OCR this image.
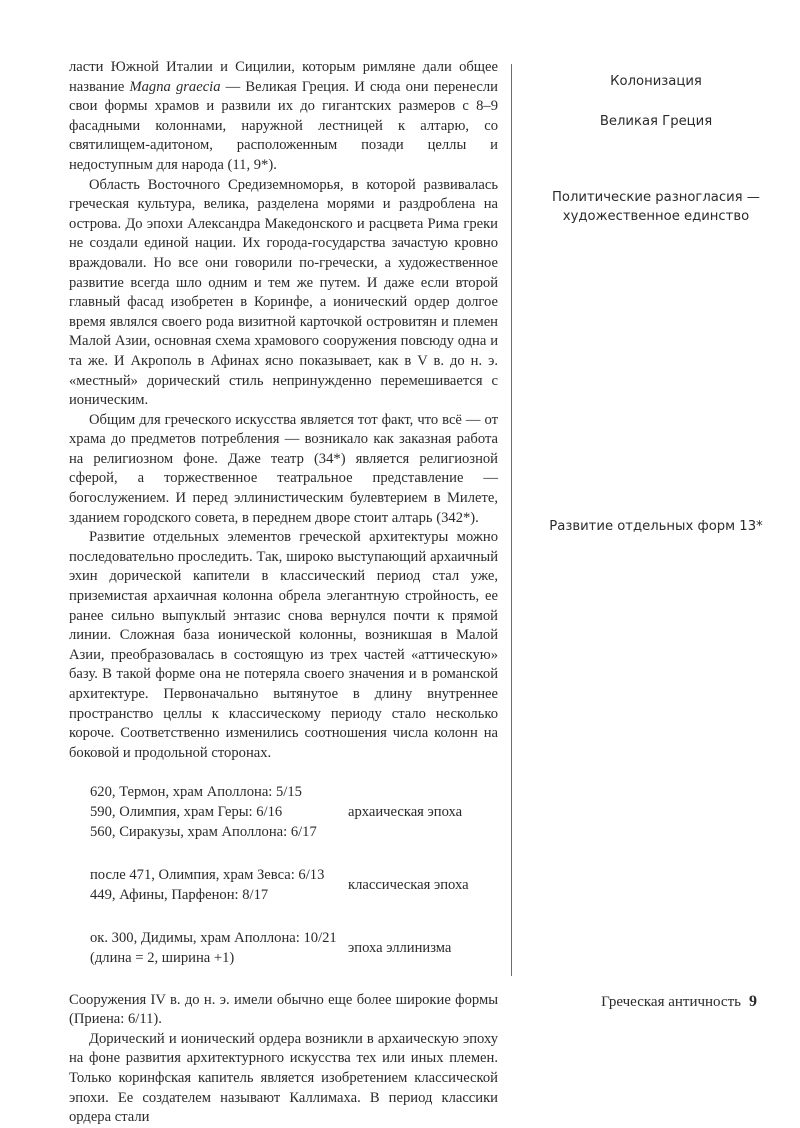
ласти Южной Италии и Сицилии, которым римляне дали общее название Magna graecia — Великая Греция. И сюда они перенесли свои формы храмов и развили их до гигантских размеров с 8–9 фасадными колоннами, наружной лестницей к алтарю, со святилищем-адитоном, расположенным позади целлы и недоступным для народа (11, 9*).

Область Восточного Средиземноморья, в которой развивалась греческая культура, велика, разделена морями и раздроблена на острова. До эпохи Александра Македонского и расцвета Рима греки не создали единой нации. Их города-государства зачастую кровно враждовали. Но все они говорили по-гречески, а художественное развитие всегда шло одним и тем же путем. И даже если второй главный фасад изобретен в Коринфе, а ионический ордер долгое время являлся своего рода визитной карточкой островитян и племен Малой Азии, основная схема храмового сооружения повсюду одна и та же. И Акрополь в Афинах ясно показывает, как в V в. до н. э. «местный» дорический стиль непринужденно перемешивается с ионическим.

Общим для греческого искусства является тот факт, что всё — от храма до предметов потребления — возникало как заказная работа на религиозном фоне. Даже театр (34*) является религиозной сферой, а торжественное театральное представление — богослужением. И перед эллинистическим булевтерием в Милете, зданием городского совета, в переднем дворе стоит алтарь (342*).

Развитие отдельных элементов греческой архитектуры можно последовательно проследить. Так, широко выступающий архаичный эхин дорической капители в классический период стал уже, приземистая архаичная колонна обрела элегантную стройность, ее ранее сильно выпуклый энтазис снова вернулся почти к прямой линии. Сложная база ионической колонны, возникшая в Малой Азии, преобразовалась в состоящую из трех частей «аттическую» базу. В такой форме она не потеряла своего значения и в романской архитектуре. Первоначально вытянутое в длину внутреннее пространство целлы к классическому периоду стало несколько короче. Соответственно изменились соотношения числа колонн на боковой и продольной сторонах.

620, Термон, храм Аполлона: 5/15
590, Олимпия, храм Геры: 6/16
560, Сиракузы, храм Аполлона: 6/17
архаическая эпоха
после 471, Олимпия, храм Зевса: 6/13
449, Афины, Парфенон: 8/17
классическая эпоха
ок. 300, Дидимы, храм Аполлона: 10/21
(длина = 2, ширина +1)
эпоха эллинизма

Сооружения IV в. до н. э. имели обычно еще более широкие формы (Приена: 6/11).

Дорический и ионический ордера возникли в архаическую эпоху на фоне развития архитектурного искусства тех или иных племен. Только коринфская капитель является изобретением классической эпохи. Ее создателем называют Каллимаха. В период классики ордера стали

Колонизация
Великая Греция
Политические разногласия — художественное единство
Развитие отдельных форм 13*
Греческая античность 9
